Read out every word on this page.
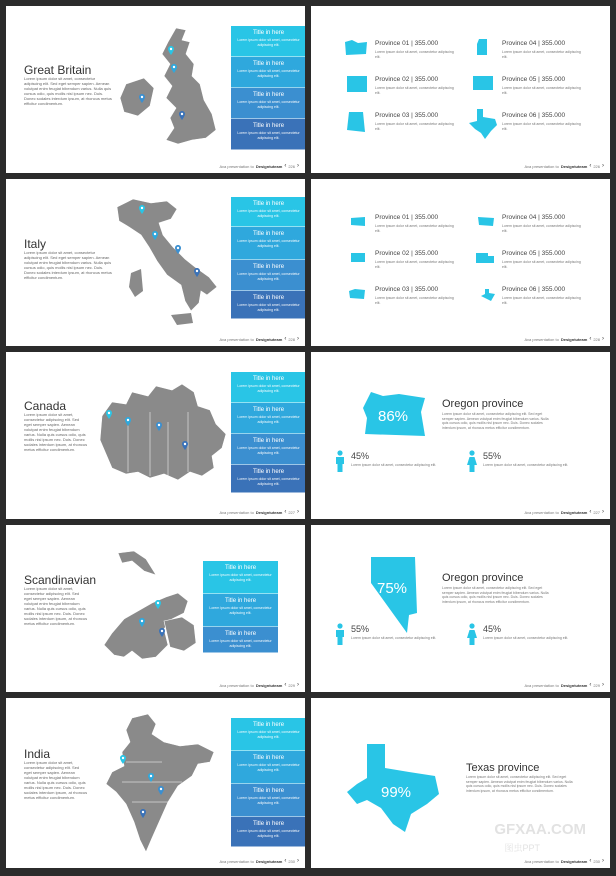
Great Britain
Lorem ipsum dolor sit amet, consectetur adipiscing elit. Sed eget semper sapien. Aenean volutpat enim feugiat bibendum varius. Nulla quis cursus odio, quis mollis nisl ipsum nec. Duis. Donec sodales interdum ipsum, at rhoncus metus efficitur condimentum.
Title in here
Lorem ipsum dolor sit amet, consectetur adipiscing elit.
Title in here
Lorem ipsum dolor sit amet, consectetur adipiscing elit.
Title in here
Lorem ipsum dolor sit amet, consectetur adipiscing elit.
Title in here
Lorem ipsum dolor sit amet, consectetur adipiscing elit.
Ava presentation to Designtuteam ‹ 226 ›
Province 01 | 355.000
Lorem ipsum dolor sit amet, consectetur adipiscing elit.
Province 02 | 355.000
Lorem ipsum dolor sit amet, consectetur adipiscing elit.
Province 03 | 355.000
Lorem ipsum dolor sit amet, consectetur adipiscing elit.
Province 04 | 355.000
Lorem ipsum dolor sit amet, consectetur adipiscing elit.
Province 05 | 355.000
Lorem ipsum dolor sit amet, consectetur adipiscing elit.
Province 06 | 355.000
Lorem ipsum dolor sit amet, consectetur adipiscing elit.
Ava presentation to Designtuteam ‹ 226 ›
Italy
Lorem ipsum dolor sit amet, consectetur adipiscing elit. Sed eget semper sapien. Aenean volutpat enim feugiat bibendum varius. Nulla quis cursus odio, quis mollis nisl ipsum nec. Duis. Donec sodales interdum ipsum, at rhoncus metus efficitur condimentum.
Title in here
Lorem ipsum dolor sit amet, consectetur adipiscing elit.
Title in here
Lorem ipsum dolor sit amet, consectetur adipiscing elit.
Title in here
Lorem ipsum dolor sit amet, consectetur adipiscing elit.
Title in here
Lorem ipsum dolor sit amet, consectetur adipiscing elit.
Ava presentation to Designtuteam ‹ 228 ›
Province 01 | 355.000
Lorem ipsum dolor sit amet, consectetur adipiscing elit.
Province 02 | 355.000
Lorem ipsum dolor sit amet, consectetur adipiscing elit.
Province 03 | 355.000
Lorem ipsum dolor sit amet, consectetur adipiscing elit.
Province 04 | 355.000
Lorem ipsum dolor sit amet, consectetur adipiscing elit.
Province 05 | 355.000
Lorem ipsum dolor sit amet, consectetur adipiscing elit.
Province 06 | 355.000
Lorem ipsum dolor sit amet, consectetur adipiscing elit.
Ava presentation to Designtuteam ‹ 228 ›
Canada
Lorem ipsum dolor sit amet, consectetur adipiscing elit. Sed eget semper sapien. Aenean volutpat enim feugiat bibendum varius. Nulla quis cursus odio, quis mollis nisl ipsum nec. Duis. Donec sodales interdum ipsum, at rhoncus metus efficitur condimentum.
Title in here
Lorem ipsum dolor sit amet, consectetur adipiscing elit.
Title in here
Lorem ipsum dolor sit amet, consectetur adipiscing elit.
Title in here
Lorem ipsum dolor sit amet, consectetur adipiscing elit.
Title in here
Lorem ipsum dolor sit amet, consectetur adipiscing elit.
Ava presentation to Designtuteam ‹ 227 ›
86%
Oregon province
Lorem ipsum dolor sit amet, consectetur adipiscing elit. Sed eget semper sapien. Aenean volutpat enim feugiat bibendum varius. Nulla quis cursus odio, quis mollis nisl ipsum nec. Duis. Donec sodales interdum ipsum, at rhoncus metus efficitur condimentum.
45%
Lorem ipsum dolor sit amet, consectetur adipiscing elit.
55%
Lorem ipsum dolor sit amet, consectetur adipiscing elit.
Ava presentation to Designtuteam ‹ 227 ›
Scandinavian
Lorem ipsum dolor sit amet, consectetur adipiscing elit. Sed eget semper sapien. Aenean volutpat enim feugiat bibendum varius. Nulla quis cursus odio, quis mollis nisl ipsum nec. Duis. Donec sodales interdum ipsum, at rhoncus metus efficitur condimentum.
Title in here
Lorem ipsum dolor sit amet, consectetur adipiscing elit.
Title in here
Lorem ipsum dolor sit amet, consectetur adipiscing elit.
Title in here
Lorem ipsum dolor sit amet, consectetur adipiscing elit.
Ava presentation to Designtuteam ‹ 229 ›
75%
Oregon province
Lorem ipsum dolor sit amet, consectetur adipiscing elit. Sed eget semper sapien. Aenean volutpat enim feugiat bibendum varius. Nulla quis cursus odio, quis mollis nisl ipsum nec. Duis. Donec sodales interdum ipsum, at rhoncus metus efficitur condimentum.
55%
Lorem ipsum dolor sit amet, consectetur adipiscing elit.
45%
Lorem ipsum dolor sit amet, consectetur adipiscing elit.
Ava presentation to Designtuteam ‹ 229 ›
India
Lorem ipsum dolor sit amet, consectetur adipiscing elit. Sed eget semper sapien. Aenean volutpat enim feugiat bibendum varius. Nulla quis cursus odio, quis mollis nisl ipsum nec. Duis. Donec sodales interdum ipsum, at rhoncus metus efficitur condimentum.
Title in here
Lorem ipsum dolor sit amet, consectetur adipiscing elit.
Title in here
Lorem ipsum dolor sit amet, consectetur adipiscing elit.
Title in here
Lorem ipsum dolor sit amet, consectetur adipiscing elit.
Title in here
Lorem ipsum dolor sit amet, consectetur adipiscing elit.
Ava presentation to Designtuteam ‹ 230 ›
99%
Texas province
Lorem ipsum dolor sit amet, consectetur adipiscing elit. Sed eget semper sapien. Aenean volutpat enim feugiat bibendum varius. Nulla quis cursus odio, quis mollis nisl ipsum nec. Duis. Donec sodales interdum ipsum, at rhoncus metus efficitur condimentum.
GFXAA.COM
图虫PPT
Ava presentation to Designtuteam ‹ 230 ›
